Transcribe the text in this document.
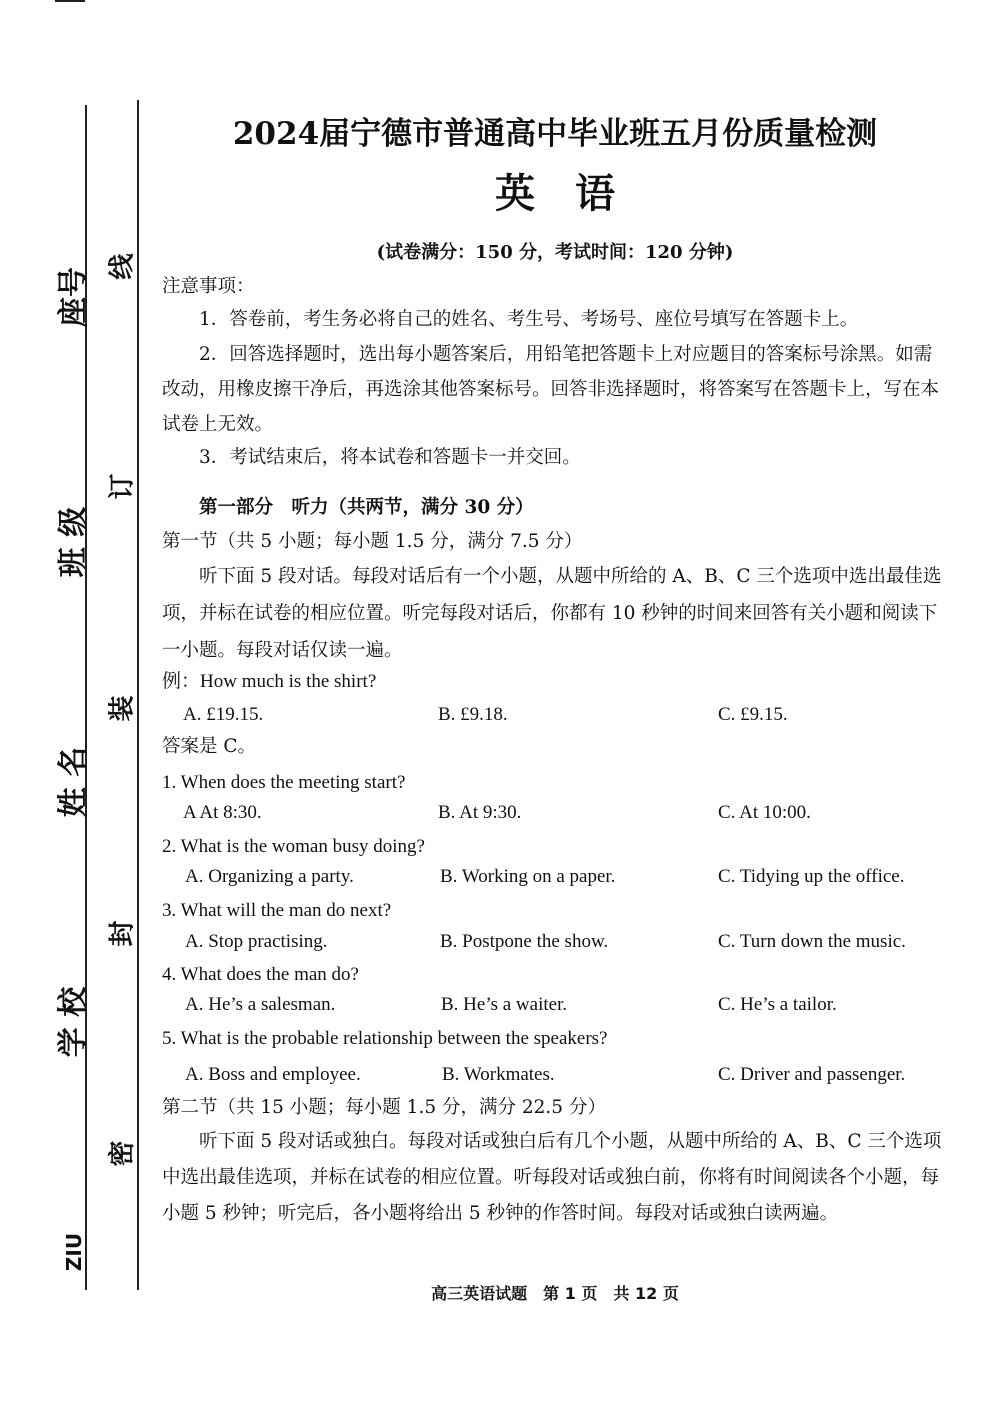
座号
班 级
姓 名
学 校
ZIU
线
订
装
封
密
2024届宁德市普通高中毕业班五月份质量检测
英语
(试卷满分：150 分，考试时间：120 分钟)
注意事项：
1．答卷前，考生务必将自己的姓名、考生号、考场号、座位号填写在答题卡上。
2．回答选择题时，选出每小题答案后，用铅笔把答题卡上对应题目的答案标号涂黑。如需改动，用橡皮擦干净后，再选涂其他答案标号。回答非选择题时，将答案写在答题卡上，写在本试卷上无效。
3．考试结束后，将本试卷和答题卡一并交回。
第一部分　听力（共两节，满分 30 分）
第一节（共 5 小题；每小题 1.5 分，满分 7.5 分）
听下面 5 段对话。每段对话后有一个小题，从题中所给的 A、B、C 三个选项中选出最佳选项，并标在试卷的相应位置。听完每段对话后，你都有 10 秒钟的时间来回答有关小题和阅读下一小题。每段对话仅读一遍。
例：How much is the shirt?
A. £19.15.	B. £9.18.	C. £9.15.
答案是 C。
1. When does the meeting start?
A At 8:30.	B. At 9:30.	C. At 10:00.
2. What is the woman busy doing?
A. Organizing a party.	B. Working on a paper.	C. Tidying up the office.
3. What will the man do next?
A. Stop practising.	B. Postpone the show.	C. Turn down the music.
4. What does the man do?
A. He’s a salesman.	B. He’s a waiter.	C. He’s a tailor.
5. What is the probable relationship between the speakers?
A. Boss and employee.	B. Workmates.	C. Driver and passenger.
第二节（共 15 小题；每小题 1.5 分，满分 22.5 分）
听下面 5 段对话或独白。每段对话或独白后有几个小题，从题中所给的 A、B、C 三个选项中选出最佳选项，并标在试卷的相应位置。听每段对话或独白前，你将有时间阅读各个小题，每小题 5 秒钟；听完后，各小题将给出 5 秒钟的作答时间。每段对话或独白读两遍。
高三英语试题　第 1 页　共 12 页
